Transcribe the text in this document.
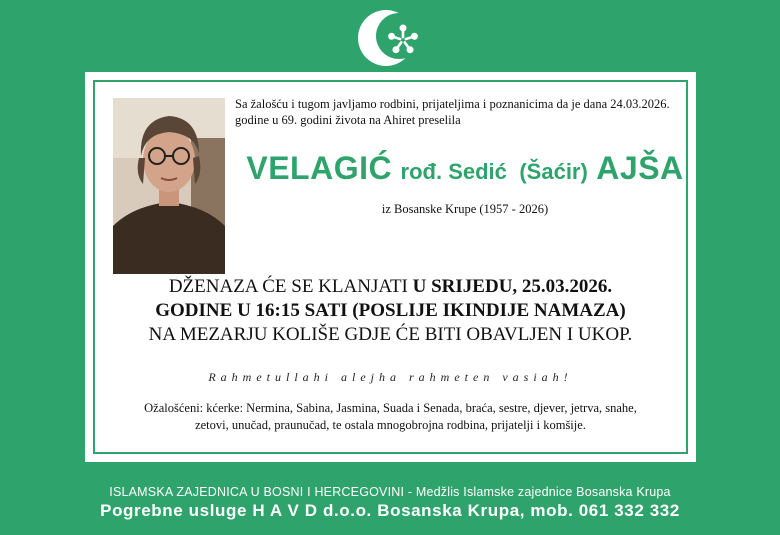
Sa žalošću i tugom javljamo rodbini, prijateljima i poznanicima da je dana 24.03.2026. godine u 69. godini života na Ahiret preselila
VELAGIĆ rođ. Sedić (Šaćir) AJŠA
iz Bosanske Krupe (1957 - 2026)
DŽENAZA ĆE SE KLANJATI U SRIJEDU, 25.03.2026.
GODINE U 16:15 SATI (POSLIJE IKINDIJE NAMAZA)
NA MEZARJU KOLIŠE GDJE ĆE BITI OBAVLJEN I UKOP.
Rahmetullahi alejha rahmeten vasiah!
Ožalošćeni: kćerke: Nermina, Sabina, Jasmina, Suada i Senada, braća, sestre, djever, jetrva, snahe,
zetovi, unučad, praunučad, te ostala mnogobrojna rodbina, prijatelji i komšije.
ISLAMSKA ZAJEDNICA U BOSNI I HERCEGOVINI - Medžlis Islamske zajednice Bosanska Krupa
Pogrebne usluge H A V D d.o.o. Bosanska Krupa, mob. 061 332 332
